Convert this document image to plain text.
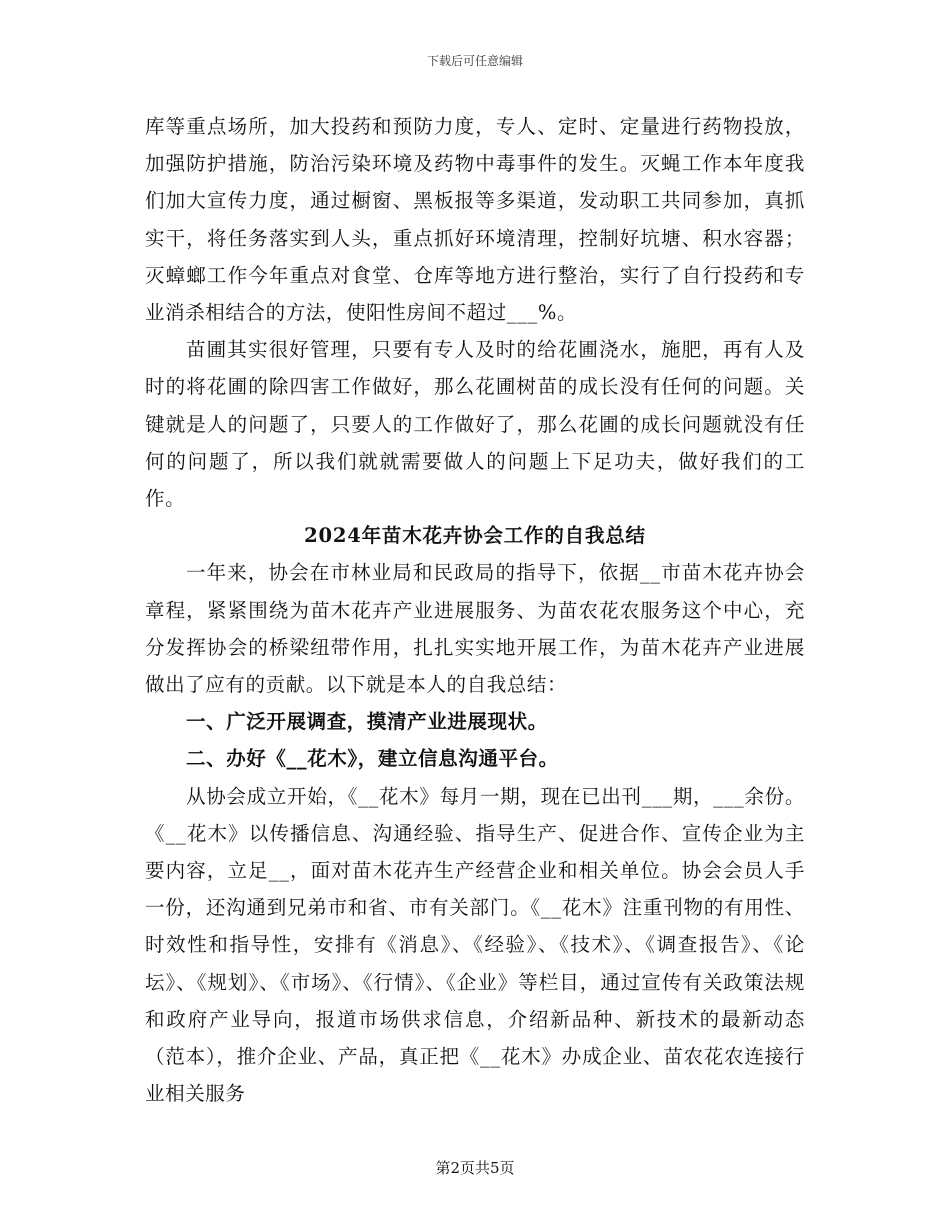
下载后可任意编辑

库等重点场所，加大投药和预防力度，专人、定时、定量进行药物投放，加强防护措施，防治污染环境及药物中毒事件的发生。灭蝇工作本年度我们加大宣传力度，通过橱窗、黑板报等多渠道，发动职工共同参加，真抓实干，将任务落实到人头，重点抓好环境清理，控制好坑塘、积水容器；灭蟑螂工作今年重点对食堂、仓库等地方进行整治，实行了自行投药和专业消杀相结合的方法，使阳性房间不超过___%。

苗圃其实很好管理，只要有专人及时的给花圃浇水，施肥，再有人及时的将花圃的除四害工作做好，那么花圃树苗的成长没有任何的问题。关键就是人的问题了，只要人的工作做好了，那么花圃的成长问题就没有任何的问题了，所以我们就就需要做人的问题上下足功夫，做好我们的工作。

2024年苗木花卉协会工作的自我总结

一年来，协会在市林业局和民政局的指导下，依据__市苗木花卉协会章程，紧紧围绕为苗木花卉产业进展服务、为苗农花农服务这个中心，充分发挥协会的桥梁纽带作用，扎扎实实地开展工作，为苗木花卉产业进展做出了应有的贡献。以下就是本人的自我总结：

一、广泛开展调查，摸清产业进展现状。

二、办好《__花木》，建立信息沟通平台。

从协会成立开始，《__花木》每月一期，现在已出刊___期，___余份。《__花木》以传播信息、沟通经验、指导生产、促进合作、宣传企业为主要内容，立足__，面对苗木花卉生产经营企业和相关单位。协会会员人手一份，还沟通到兄弟市和省、市有关部门。《__花木》注重刊物的有用性、时效性和指导性，安排有《消息》、《经验》、《技术》、《调查报告》、《论坛》、《规划》、《市场》、《行情》、《企业》等栏目，通过宣传有关政策法规和政府产业导向，报道市场供求信息，介绍新品种、新技术的最新动态（范本），推介企业、产品，真正把《__花木》办成企业、苗农花农连接行业相关服务

第2页共5页
